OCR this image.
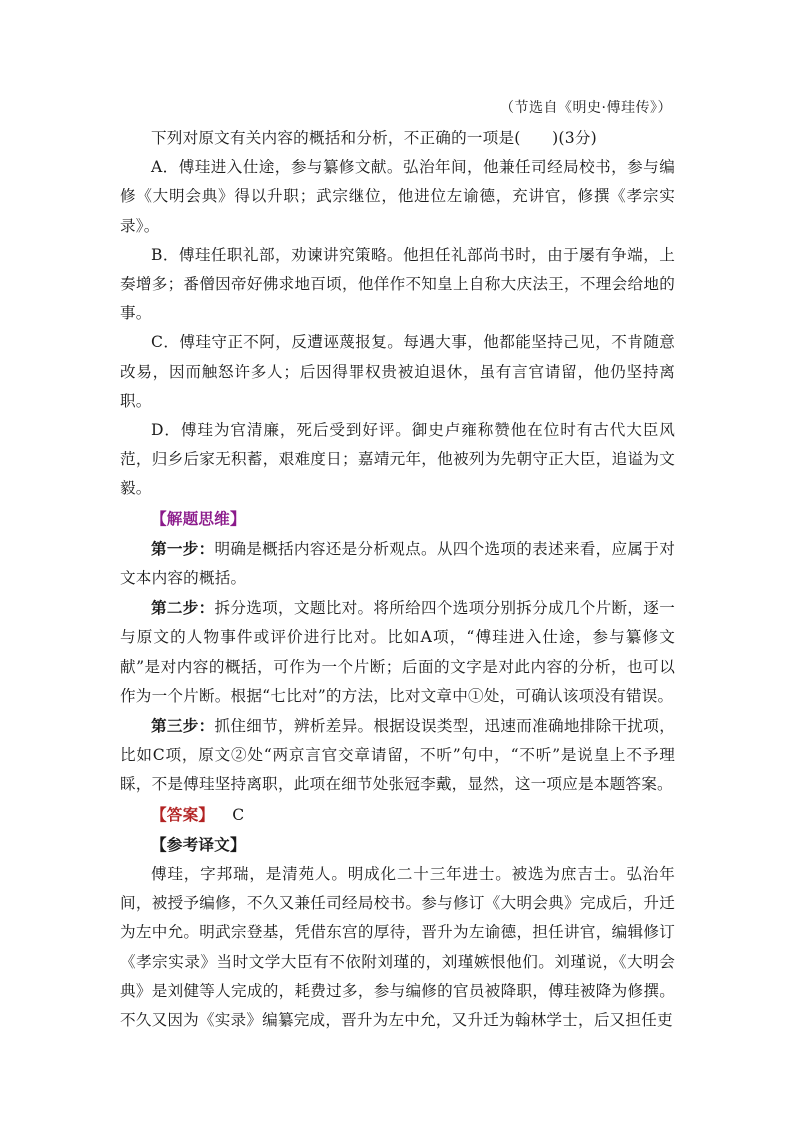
（节选自《明史·傅珪传》）

下列对原文有关内容的概括和分析，不正确的一项是(　　)(3分)

A．傅珪进入仕途，参与纂修文献。弘治年间，他兼任司经局校书，参与编修《大明会典》得以升职；武宗继位，他进位左谕德，充讲官，修撰《孝宗实录》。

B．傅珪任职礼部，劝谏讲究策略。他担任礼部尚书时，由于屡有争端，上奏增多；番僧因帝好佛求地百顷，他佯作不知皇上自称大庆法王，不理会给地的事。

C．傅珪守正不阿，反遭诬蔑报复。每遇大事，他都能坚持己见，不肯随意改易，因而触怒许多人；后因得罪权贵被迫退休，虽有言官请留，他仍坚持离职。

D．傅珪为官清廉，死后受到好评。御史卢雍称赞他在位时有古代大臣风范，归乡后家无积蓄，艰难度日；嘉靖元年，他被列为先朝守正大臣，追谥为文毅。

【解题思维】

第一步：明确是概括内容还是分析观点。从四个选项的表述来看，应属于对文本内容的概括。

第二步：拆分选项，文题比对。将所给四个选项分别拆分成几个片断，逐一与原文的人物事件或评价进行比对。比如A项，“傅珪进入仕途，参与纂修文献”是对内容的概括，可作为一个片断；后面的文字是对此内容的分析，也可以作为一个片断。根据“七比对”的方法，比对文章中①处，可确认该项没有错误。

第三步：抓住细节，辨析差异。根据设误类型，迅速而准确地排除干扰项，比如C项，原文②处“两京言官交章请留，不听”句中，“不听”是说皇上不予理睬，不是傅珪坚持离职，此项在细节处张冠李戴，显然，这一项应是本题答案。

【答案】 C

【参考译文】

傅珪，字邦瑞，是清苑人。明成化二十三年进士。被选为庶吉士。弘治年间，被授予编修，不久又兼任司经局校书。参与修订《大明会典》完成后，升迁为左中允。明武宗登基，凭借东宫的厚待，晋升为左谕德，担任讲官，编辑修订《孝宗实录》当时文学大臣有不依附刘瑾的，刘瑾嫉恨他们。刘瑾说，《大明会典》是刘健等人完成的，耗费过多，参与编修的官员被降职，傅珪被降为修撰。不久又因为《实录》编纂完成，晋升为左中允，又升迁为翰林学士，后又担任吏
